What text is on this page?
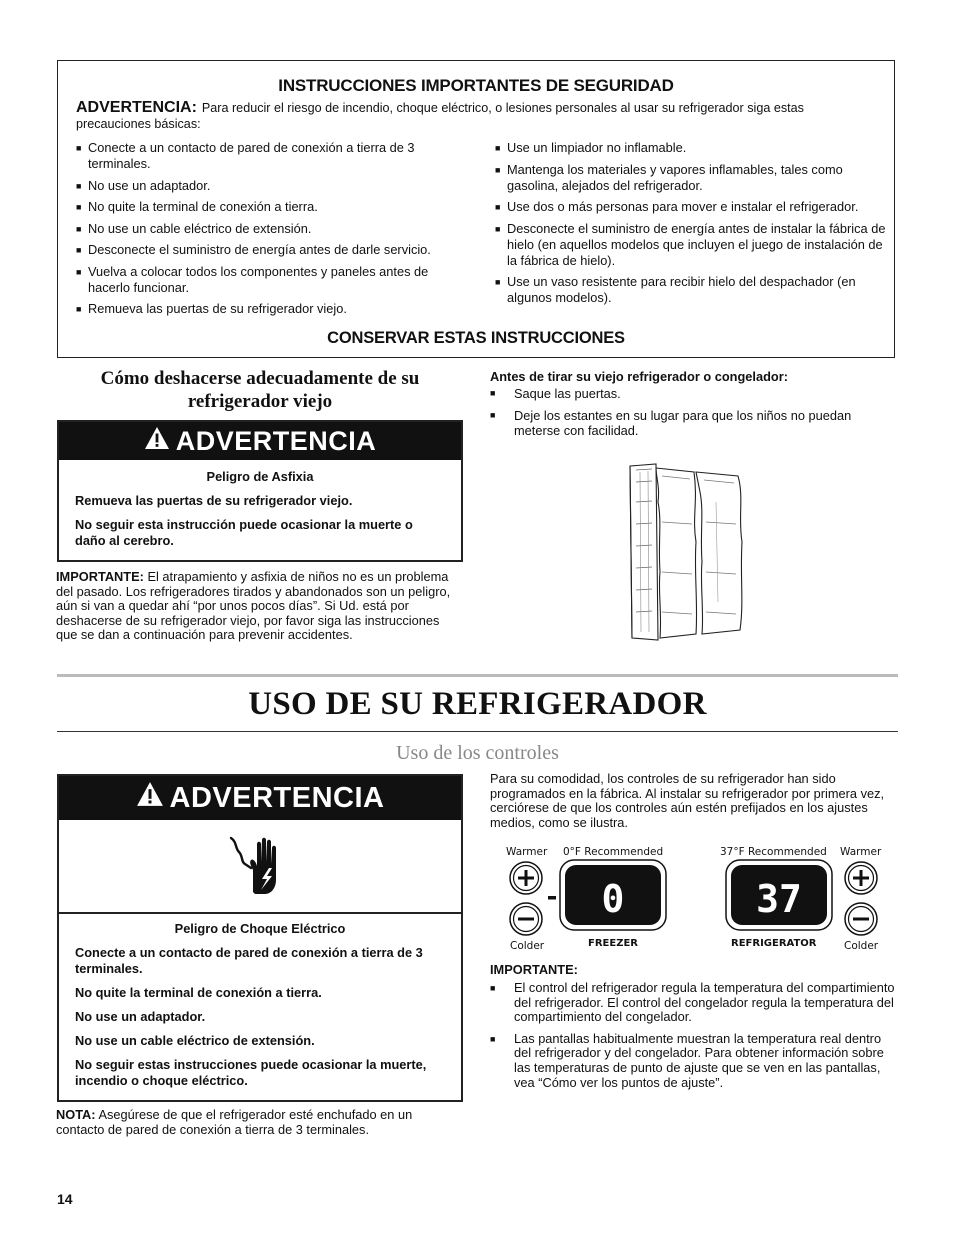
INSTRUCCIONES IMPORTANTES DE SEGURIDAD
ADVERTENCIA: Para reducir el riesgo de incendio, choque eléctrico, o lesiones personales al usar su refrigerador siga estas precauciones básicas:
■ Conecte a un contacto de pared de conexión a tierra de 3 terminales.
■ No use un adaptador.
■ No quite la terminal de conexión a tierra.
■ No use un cable eléctrico de extensión.
■ Desconecte el suministro de energía antes de darle servicio.
■ Vuelva a colocar todos los componentes y paneles antes de hacerlo funcionar.
■ Remueva las puertas de su refrigerador viejo.
■ Use un limpiador no inflamable.
■ Mantenga los materiales y vapores inflamables, tales como gasolina, alejados del refrigerador.
■ Use dos o más personas para mover e instalar el refrigerador.
■ Desconecte el suministro de energía antes de instalar la fábrica de hielo (en aquellos modelos que incluyen el juego de instalación de la fábrica de hielo).
■ Use un vaso resistente para recibir hielo del despachador (en algunos modelos).
CONSERVAR ESTAS INSTRUCCIONES
Cómo deshacerse adecuadamente de su refrigerador viejo
ADVERTENCIA

Peligro de Asfixia

Remueva las puertas de su refrigerador viejo.

No seguir esta instrucción puede ocasionar la muerte o daño al cerebro.

IMPORTANTE: El atrapamiento y asfixia de niños no es un problema del pasado. Los refrigeradores tirados y abandonados son un peligro, aún si van a quedar ahí “por unos pocos días”. Si Ud. está por deshacerse de su refrigerador viejo, por favor siga las instrucciones que se dan a continuación para prevenir accidentes.
Antes de tirar su viejo refrigerador o congelador:
■ Saque las puertas.
■ Deje los estantes en su lugar para que los niños no puedan meterse con facilidad.
USO DE SU REFRIGERADOR
Uso de los controles
ADVERTENCIA

Peligro de Choque Eléctrico

Conecte a un contacto de pared de conexión a tierra de 3 terminales.

No quite la terminal de conexión a tierra.

No use un adaptador.

No use un cable eléctrico de extensión.

No seguir estas instrucciones puede ocasionar la muerte, incendio o choque eléctrico.

NOTA: Asegúrese de que el refrigerador esté enchufado en un contacto de pared de conexión a tierra de 3 terminales.
Para su comodidad, los controles de su refrigerador han sido programados en la fábrica. Al instalar su refrigerador por primera vez, cerciórese de que los controles aún estén prefijados en los ajustes medios, como se ilustra.
Warmer 0°F Recommended
Colder
0
FREEZER
37°F Recommended Warmer
37
REFRIGERATOR	Colder
IMPORTANTE:
■ El control del refrigerador regula la temperatura del compartimiento del refrigerador. El control del congelador regula la temperatura del compartimiento del congelador.
■ Las pantallas habitualmente muestran la temperatura real dentro del refrigerador y del congelador. Para obtener información sobre las temperaturas de punto de ajuste que se ven en las pantallas, vea “Cómo ver los puntos de ajuste”.
14
